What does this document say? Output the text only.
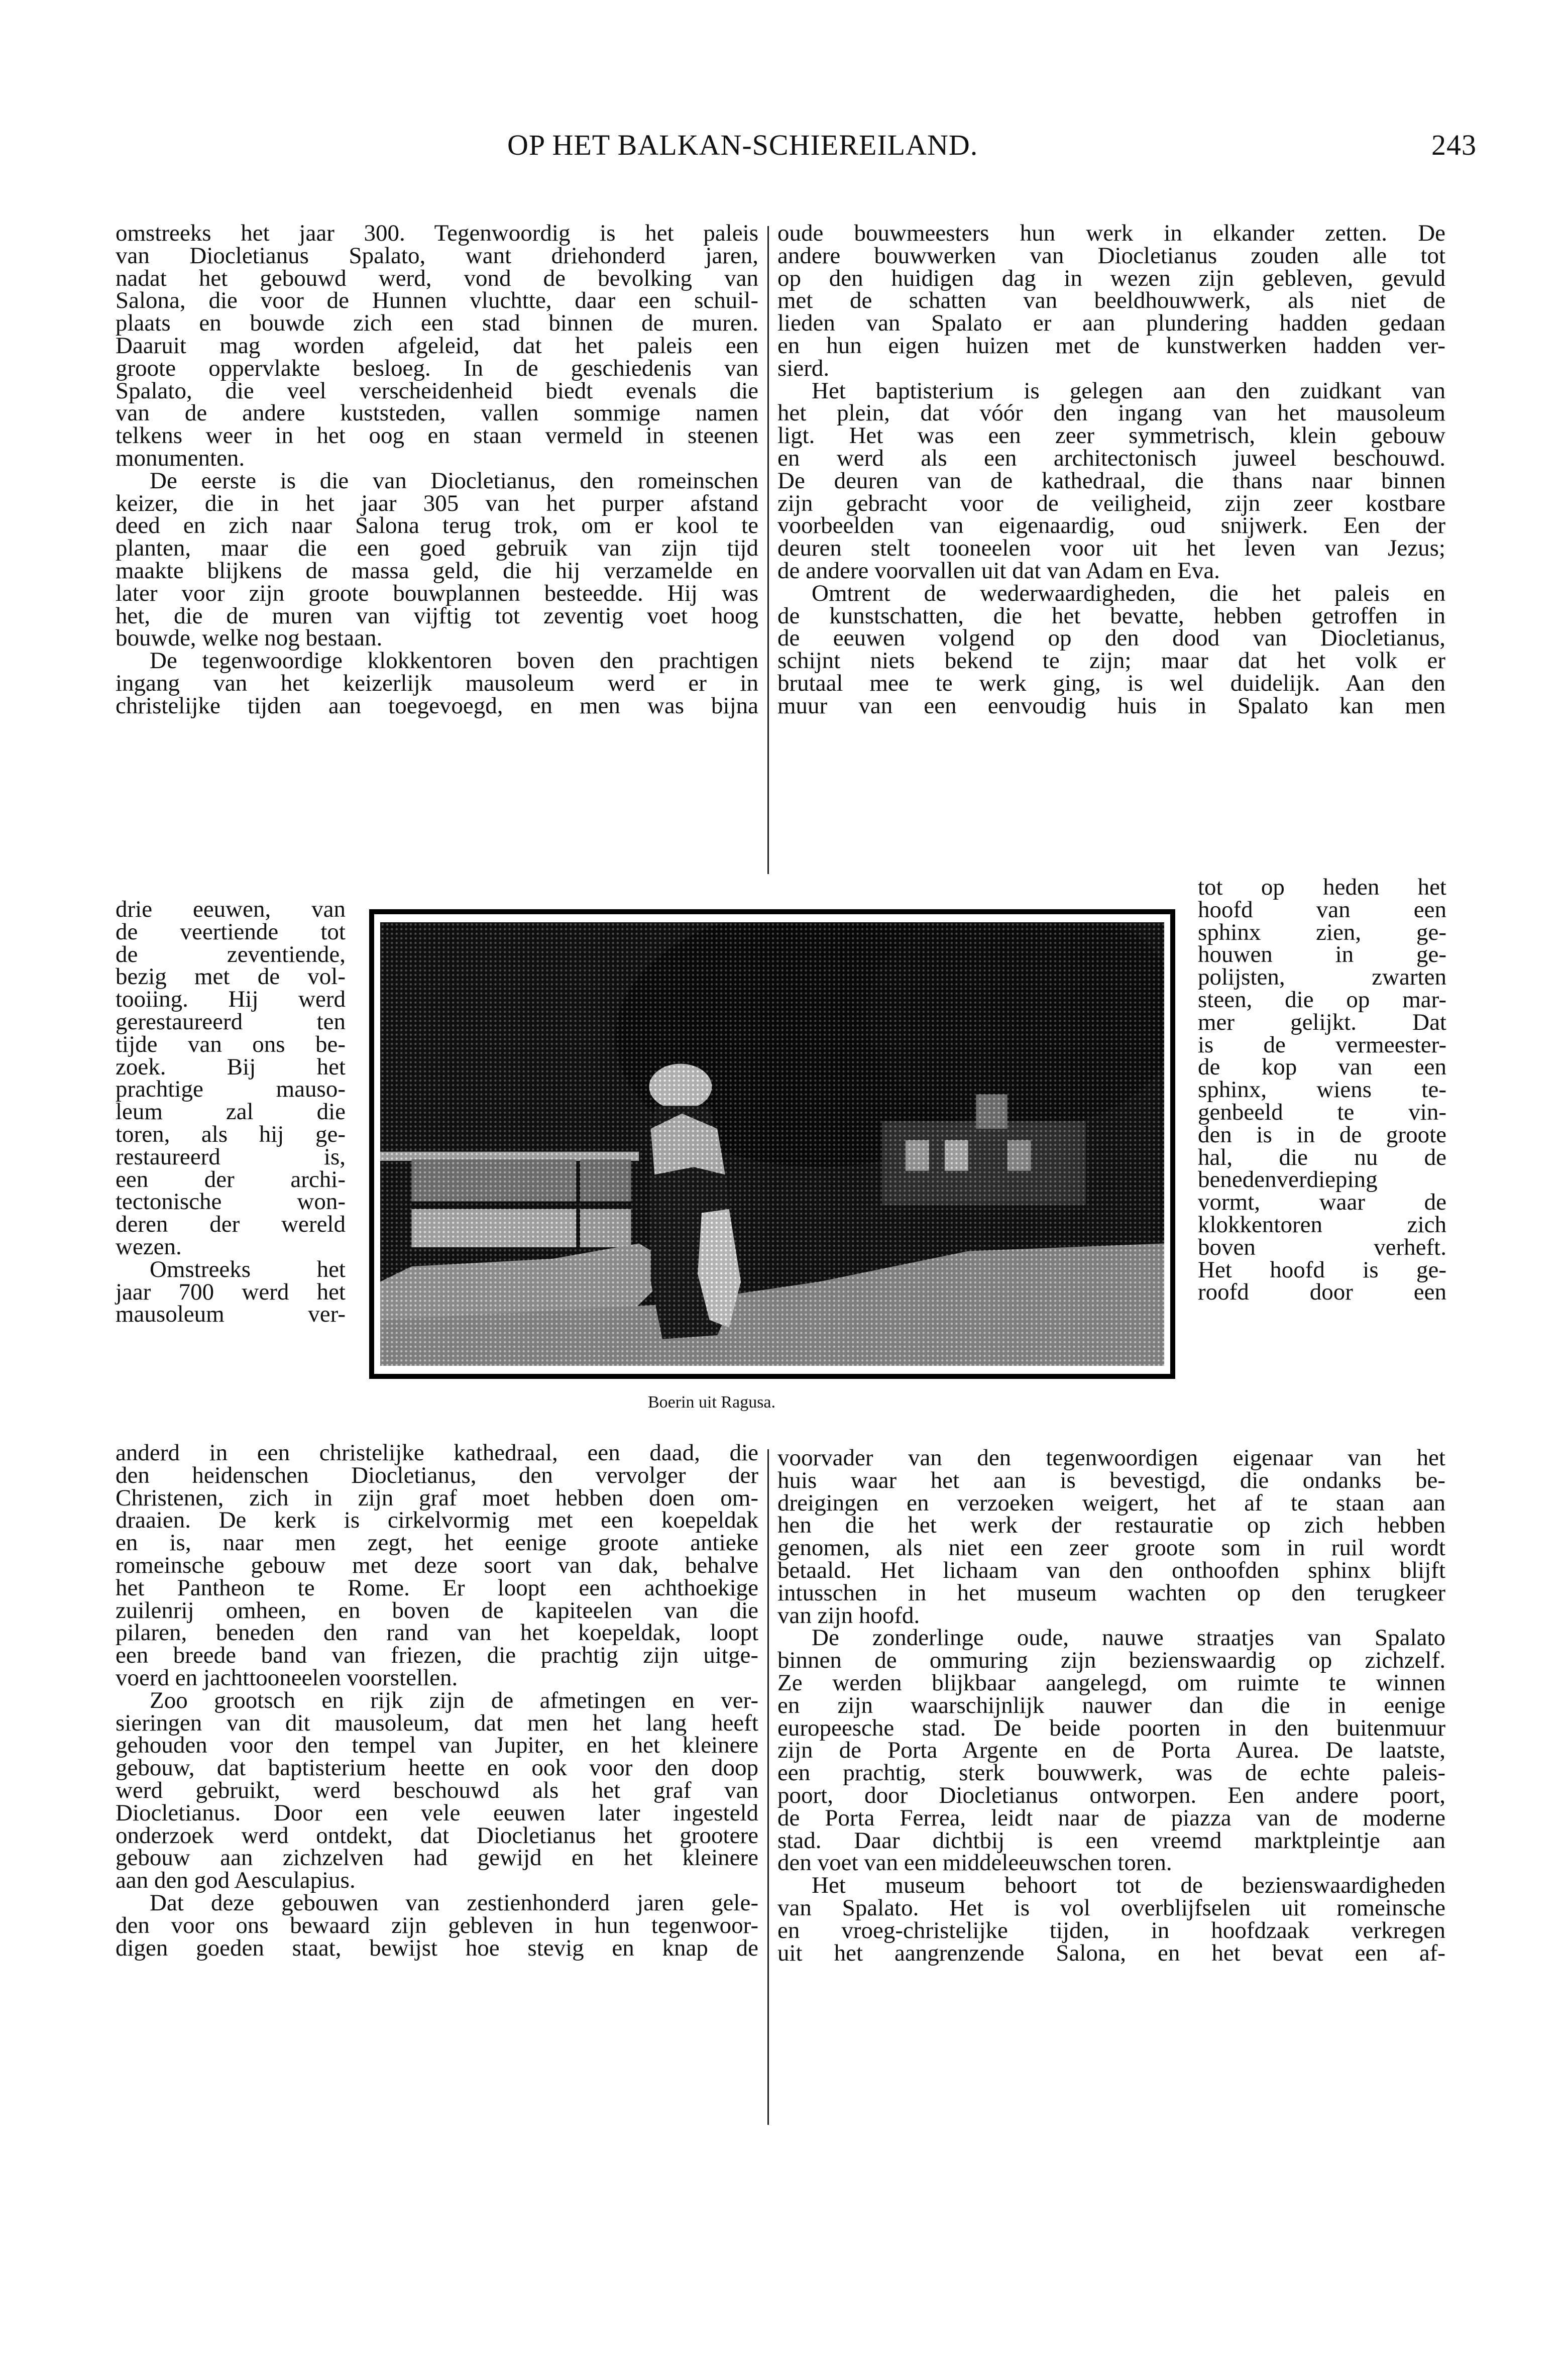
OP HET BALKAN-SCHIEREILAND.	243
omstreeks het jaar 300. Tegenwoordig is het paleis
van Diocletianus Spalato, want driehonderd jaren,
nadat het gebouwd werd, vond de bevolking van
Salona, die voor de Hunnen vluchtte, daar een schuil-
plaats en bouwde zich een stad binnen de muren.
Daaruit mag worden afgeleid, dat het paleis een
groote oppervlakte besloeg. In de geschiedenis van
Spalato, die veel verscheidenheid biedt evenals die
van de andere kuststeden, vallen sommige namen
telkens weer in het oog en staan vermeld in steenen
monumenten.
De eerste is die van Diocletianus, den romeinschen
keizer, die in het jaar 305 van het purper afstand
deed en zich naar Salona terug trok, om er kool te
planten, maar die een goed gebruik van zijn tijd
maakte blijkens de massa geld, die hij verzamelde en
later voor zijn groote bouwplannen besteedde. Hij was
het, die de muren van vijftig tot zeventig voet hoog
bouwde, welke nog bestaan.
De tegenwoordige klokkentoren boven den prachtigen
ingang van het keizerlijk mausoleum werd er in
christelijke tijden aan toegevoegd, en men was bijna
oude bouwmeesters hun werk in elkander zetten. De
andere bouwwerken van Diocletianus zouden alle tot
op den huidigen dag in wezen zijn gebleven, gevuld
met de schatten van beeldhouwwerk, als niet de
lieden van Spalato er aan plundering hadden gedaan
en hun eigen huizen met de kunstwerken hadden ver-
sierd.
Het baptisterium is gelegen aan den zuidkant van
het plein, dat vóór den ingang van het mausoleum
ligt. Het was een zeer symmetrisch, klein gebouw
en werd als een architectonisch juweel beschouwd.
De deuren van de kathedraal, die thans naar binnen
zijn gebracht voor de veiligheid, zijn zeer kostbare
voorbeelden van eigenaardig, oud snijwerk. Een der
deuren stelt tooneelen voor uit het leven van Jezus;
de andere voorvallen uit dat van Adam en Eva.
Omtrent de wederwaardigheden, die het paleis en
de kunstschatten, die het bevatte, hebben getroffen in
de eeuwen volgend op den dood van Diocletianus,
schijnt niets bekend te zijn; maar dat het volk er
brutaal mee te werk ging, is wel duidelijk. Aan den
muur van een eenvoudig huis in Spalato kan men
drie eeuwen, van
de veertiende tot
de zeventiende,
bezig met de vol-
tooiing. Hij werd
gerestaureerd ten
tijde van ons be-
zoek. Bij het
prachtige mauso-
leum zal die
toren, als hij ge-
restaureerd is,
een der archi-
tectonische won-
deren der wereld
wezen.
Omstreeks het
jaar 700 werd het
mausoleum ver-
tot op heden het
hoofd van een
sphinx zien, ge-
houwen in ge-
polijsten, zwarten
steen, die op mar-
mer gelijkt. Dat
is de vermeester-
de kop van een
sphinx, wiens te-
genbeeld te vin-
den is in de groote
hal, die nu de
benedenverdieping
vormt, waar de
klokkentoren zich
boven verheft.
Het hoofd is ge-
roofd door een
anderd in een christelijke kathedraal, een daad, die
den heidenschen Diocletianus, den vervolger der
Christenen, zich in zijn graf moet hebben doen om-
draaien. De kerk is cirkelvormig met een koepeldak
en is, naar men zegt, het eenige groote antieke
romeinsche gebouw met deze soort van dak, behalve
het Pantheon te Rome. Er loopt een achthoekige
zuilenrij omheen, en boven de kapiteelen van die
pilaren, beneden den rand van het koepeldak, loopt
een breede band van friezen, die prachtig zijn uitge-
voerd en jachttooneelen voorstellen.
Zoo grootsch en rijk zijn de afmetingen en ver-
sieringen van dit mausoleum, dat men het lang heeft
gehouden voor den tempel van Jupiter, en het kleinere
gebouw, dat baptisterium heette en ook voor den doop
werd gebruikt, werd beschouwd als het graf van
Diocletianus. Door een vele eeuwen later ingesteld
onderzoek werd ontdekt, dat Diocletianus het grootere
gebouw aan zichzelven had gewijd en het kleinere
aan den god Aesculapius.
Dat deze gebouwen van zestienhonderd jaren gele-
den voor ons bewaard zijn gebleven in hun tegenwoor-
digen goeden staat, bewijst hoe stevig en knap de
voorvader van den tegenwoordigen eigenaar van het
huis waar het aan is bevestigd, die ondanks be-
dreigingen en verzoeken weigert, het af te staan aan
hen die het werk der restauratie op zich hebben
genomen, als niet een zeer groote som in ruil wordt
betaald. Het lichaam van den onthoofden sphinx blijft
intusschen in het museum wachten op den terugkeer
van zijn hoofd.
De zonderlinge oude, nauwe straatjes van Spalato
binnen de ommuring zijn bezienswaardig op zichzelf.
Ze werden blijkbaar aangelegd, om ruimte te winnen
en zijn waarschijnlijk nauwer dan die in eenige
europeesche stad. De beide poorten in den buitenmuur
zijn de Porta Argente en de Porta Aurea. De laatste,
een prachtig, sterk bouwwerk, was de echte paleis-
poort, door Diocletianus ontworpen. Een andere poort,
de Porta Ferrea, leidt naar de piazza van de moderne
stad. Daar dichtbij is een vreemd marktpleintje aan
den voet van een middeleeuwschen toren.
Het museum behoort tot de bezienswaardigheden
van Spalato. Het is vol overblijfselen uit romeinsche
en vroeg-christelijke tijden, in hoofdzaak verkregen
uit het aangrenzende Salona, en het bevat een af-
Boerin uit Ragusa.
